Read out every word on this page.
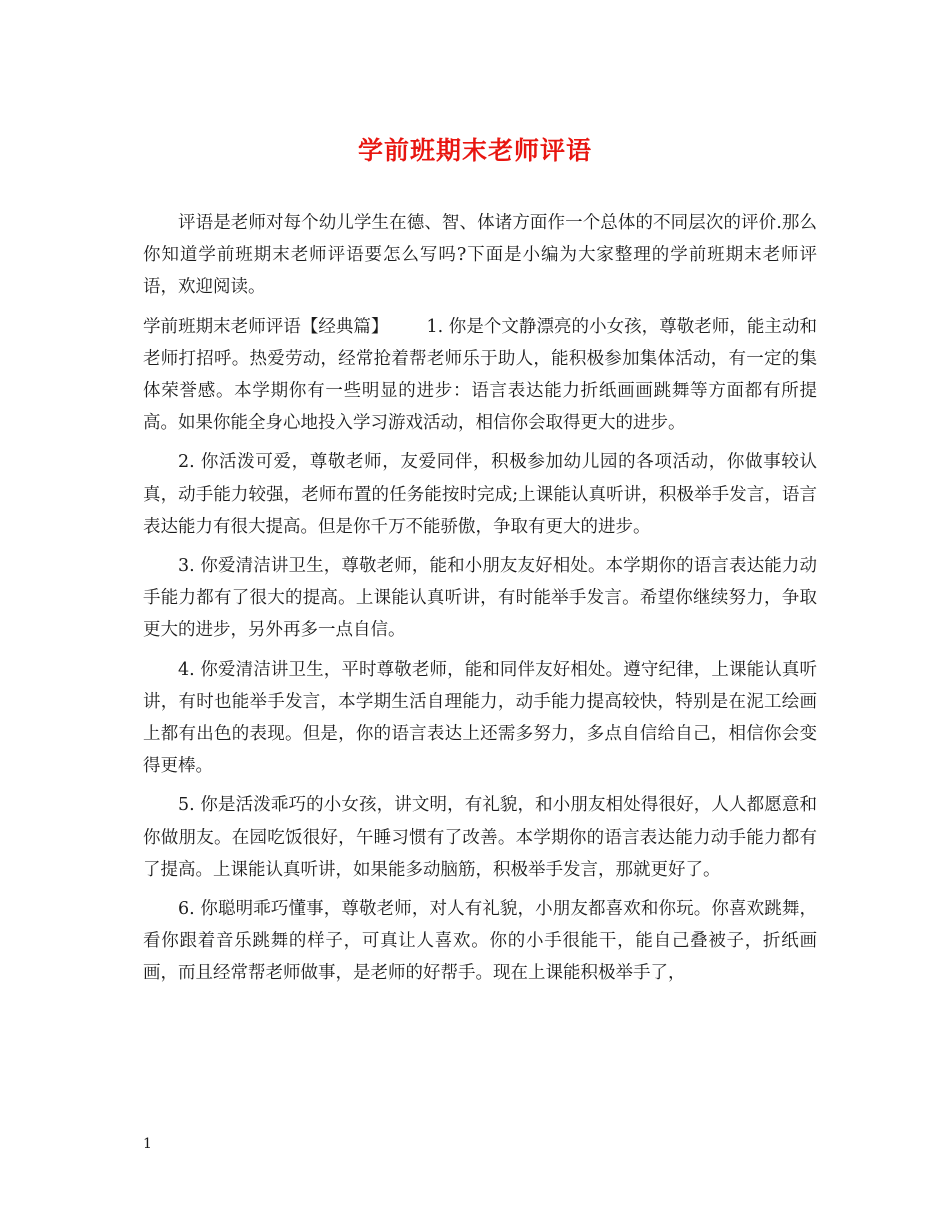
学前班期末老师评语

评语是老师对每个幼儿学生在德、智、体诸方面作一个总体的不同层次的评价.那么你知道学前班期末老师评语要怎么写吗?下面是小编为大家整理的学前班期末老师评语，欢迎阅读。

学前班期末老师评语【经典篇】 1. 你是个文静漂亮的小女孩，尊敬老师，能主动和老师打招呼。热爱劳动，经常抢着帮老师乐于助人，能积极参加集体活动，有一定的集体荣誉感。本学期你有一些明显的进步：语言表达能力折纸画画跳舞等方面都有所提高。如果你能全身心地投入学习游戏活动，相信你会取得更大的进步。

2. 你活泼可爱，尊敬老师，友爱同伴，积极参加幼儿园的各项活动，你做事较认真，动手能力较强，老师布置的任务能按时完成;上课能认真听讲，积极举手发言，语言表达能力有很大提高。但是你千万不能骄傲，争取有更大的进步。

3. 你爱清洁讲卫生，尊敬老师，能和小朋友友好相处。本学期你的语言表达能力动手能力都有了很大的提高。上课能认真听讲，有时能举手发言。希望你继续努力，争取更大的进步，另外再多一点自信。

4. 你爱清洁讲卫生，平时尊敬老师，能和同伴友好相处。遵守纪律，上课能认真听讲，有时也能举手发言，本学期生活自理能力，动手能力提高较快，特别是在泥工绘画上都有出色的表现。但是，你的语言表达上还需多努力，多点自信给自己，相信你会变得更棒。

5. 你是活泼乖巧的小女孩，讲文明，有礼貌，和小朋友相处得很好，人人都愿意和你做朋友。在园吃饭很好，午睡习惯有了改善。本学期你的语言表达能力动手能力都有了提高。上课能认真听讲，如果能多动脑筋，积极举手发言，那就更好了。

6. 你聪明乖巧懂事，尊敬老师，对人有礼貌，小朋友都喜欢和你玩。你喜欢跳舞，看你跟着音乐跳舞的样子，可真让人喜欢。你的小手很能干，能自己叠被子，折纸画画，而且经常帮老师做事，是老师的好帮手。现在上课能积极举手了，

1
